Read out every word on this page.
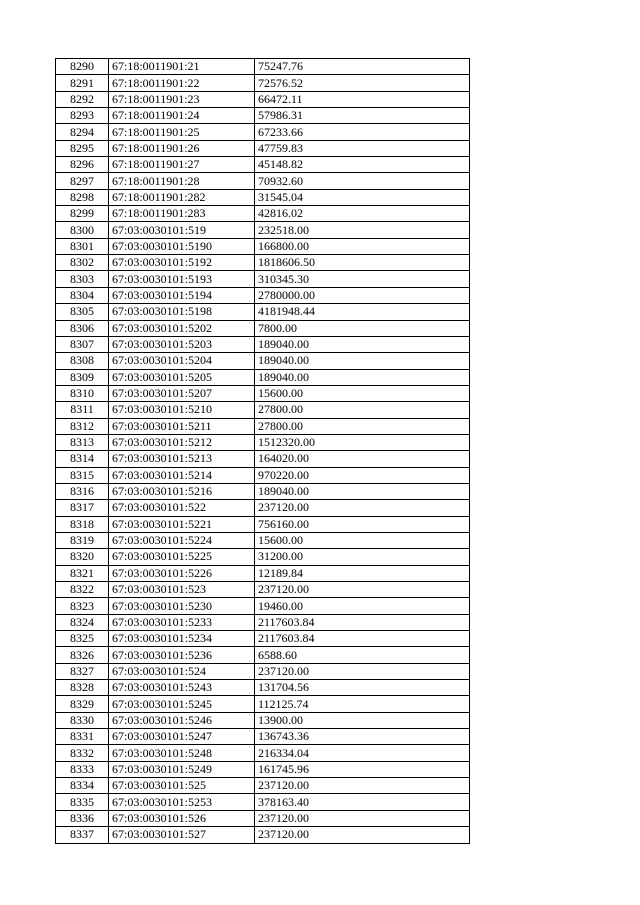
8290	67:18:0011901:21	75247.76
8291	67:18:0011901:22	72576.52
8292	67:18:0011901:23	66472.11
8293	67:18:0011901:24	57986.31
8294	67:18:0011901:25	67233.66
8295	67:18:0011901:26	47759.83
8296	67:18:0011901:27	45148.82
8297	67:18:0011901:28	70932.60
8298	67:18:0011901:282	31545.04
8299	67:18:0011901:283	42816.02
8300	67:03:0030101:519	232518.00
8301	67:03:0030101:5190	166800.00
8302	67:03:0030101:5192	1818606.50
8303	67:03:0030101:5193	310345.30
8304	67:03:0030101:5194	2780000.00
8305	67:03:0030101:5198	4181948.44
8306	67:03:0030101:5202	7800.00
8307	67:03:0030101:5203	189040.00
8308	67:03:0030101:5204	189040.00
8309	67:03:0030101:5205	189040.00
8310	67:03:0030101:5207	15600.00
8311	67:03:0030101:5210	27800.00
8312	67:03:0030101:5211	27800.00
8313	67:03:0030101:5212	1512320.00
8314	67:03:0030101:5213	164020.00
8315	67:03:0030101:5214	970220.00
8316	67:03:0030101:5216	189040.00
8317	67:03:0030101:522	237120.00
8318	67:03:0030101:5221	756160.00
8319	67:03:0030101:5224	15600.00
8320	67:03:0030101:5225	31200.00
8321	67:03:0030101:5226	12189.84
8322	67:03:0030101:523	237120.00
8323	67:03:0030101:5230	19460.00
8324	67:03:0030101:5233	2117603.84
8325	67:03:0030101:5234	2117603.84
8326	67:03:0030101:5236	6588.60
8327	67:03:0030101:524	237120.00
8328	67:03:0030101:5243	131704.56
8329	67:03:0030101:5245	112125.74
8330	67:03:0030101:5246	13900.00
8331	67:03:0030101:5247	136743.36
8332	67:03:0030101:5248	216334.04
8333	67:03:0030101:5249	161745.96
8334	67:03:0030101:525	237120.00
8335	67:03:0030101:5253	378163.40
8336	67:03:0030101:526	237120.00
8337	67:03:0030101:527	237120.00
